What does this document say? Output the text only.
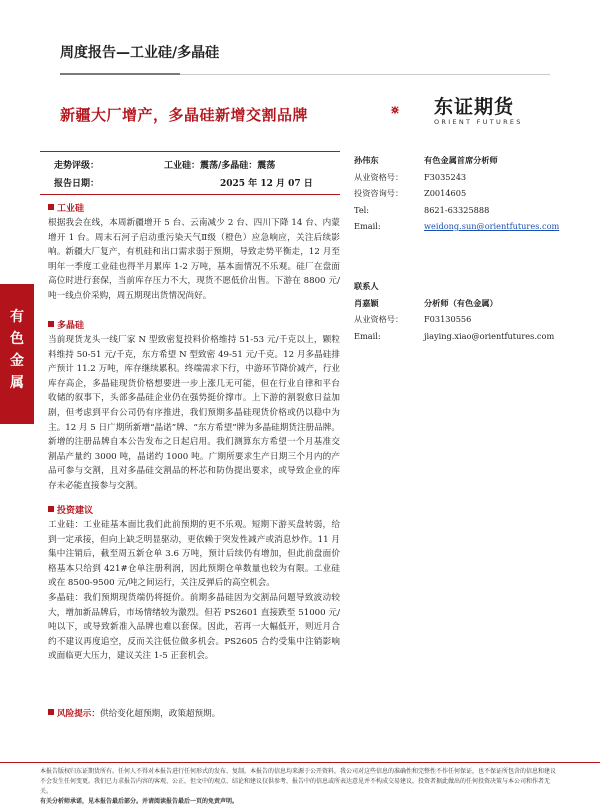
周度报告—工业硅/多晶硅
新疆大厂增产，多晶硅新增交割品牌	东证期货
ORIENT FUTURES
走势评级：	工业硅：震荡/多晶硅：震荡
报告日期：	2025 年 12 月 07 日
有色金属
工业硅

根据我会在线，本周新疆增开 5 台、云南减少 2 台、四川下降 14 台、内蒙增开 1 台。周末石河子启动重污染天气Ⅱ级（橙色）应急响应，关注后续影响。新疆大厂复产，有机硅和出口需求弱于预期，导致走势平衡走，12 月至明年一季度工业硅也得半月累库 1-2 万吨，基本面情况不乐观。硅厂在盘面高位时进行套保，当前库存压力不大，现货不愿低价出售。下游在 8800 元/吨一线点价采购，周五期现出货情况尚好。

多晶硅

当前现货龙头一线厂家 N 型致密复投料价格维持 51-53 元/千克以上，颗粒料维持 50-51 元/千克，东方希望 N 型致密 49-51 元/千克。12 月多晶硅排产预计 11.2 万吨，库存继续累积。终端需求下行，中游环节降价减产，行业库存高企，多晶硅现货价格想要进一步上涨几无可能，但在行业自律和平台收储的叙事下，头部多晶硅企业仍在强势挺价撑市。上下游的割裂愈日益加剧，但考虑到平台公司仍有序推进，我们预期多晶硅现货价格或仍以稳中为主。12 月 5 日广期所新增“晶诺”牌、“东方希望”牌为多晶硅期货注册品牌。新增的注册品牌自本公告发布之日起启用。我们测算东方希望一个月基准交割品产量约 3000 吨，晶诺约 1000 吨。广期所要求生产日期三个月内的产品可参与交割，且对多晶硅交割品的杯芯和防伪提出要求，或导致企业的库存未必能直接参与交割。

投资建议

工业硅：工业硅基本面比我们此前预期的更不乐观。短期下游买盘转弱，给到一定承接，但向上缺乏明显驱动，更依赖于突发性减产或消息炒作。11 月集中注销后，截至周五新仓单 3.6 万吨，预计后续仍有增加，但此前盘面价格基本只给到 421#仓单注册利润，因此预期仓单数量也较为有限。工业硅或在 8500-9500 元/吨之间运行，关注反弹后的高空机会。

多晶硅：我们预期现货端仍将挺价。前期多晶硅因为交割品问题导致波动较大，增加新品牌后，市场情绪较为激烈。但若 PS2601 直接跌至 51000 元/吨以下，或导致新准入品牌也难以套保。因此，若再一大幅低开，则近月合约不建议再度追空，反而关注低位做多机会。PS2605 合约受集中注销影响或面临更大压力，建议关注 1-5 正套机会。

风险提示：供给变化超预期，政策超预期。
孙伟东	有色金属首席分析师
从业资格号：	F3035243
投资咨询号：	Z0014605
Tel:	8621-63325888
Email:	weidong.sun@orientfutures.com
联系人
肖嘉颖	分析师（有色金属）
从业资格号：	F03130556
Email:	jiaying.xiao@orientfutures.com
本报告版权归东证期货所有。任何人不得对本报告进行任何形式的发布、复制。本报告的信息均来源于公开资料，我公司对这些信息的准确性和完整性不作任何保证，也不保证所包含的信息和建议不会发生任何变更。我们已力求报告内容的客观、公正，但文中的观点、结论和建议仅供参考，报告中的信息或所表达意见并不构成交易建议，投资者据此做出的任何投资决策与本公司和作者无关。
有关分析师承诺，见本报告最后部分。并请阅读报告最后一页的免责声明。
